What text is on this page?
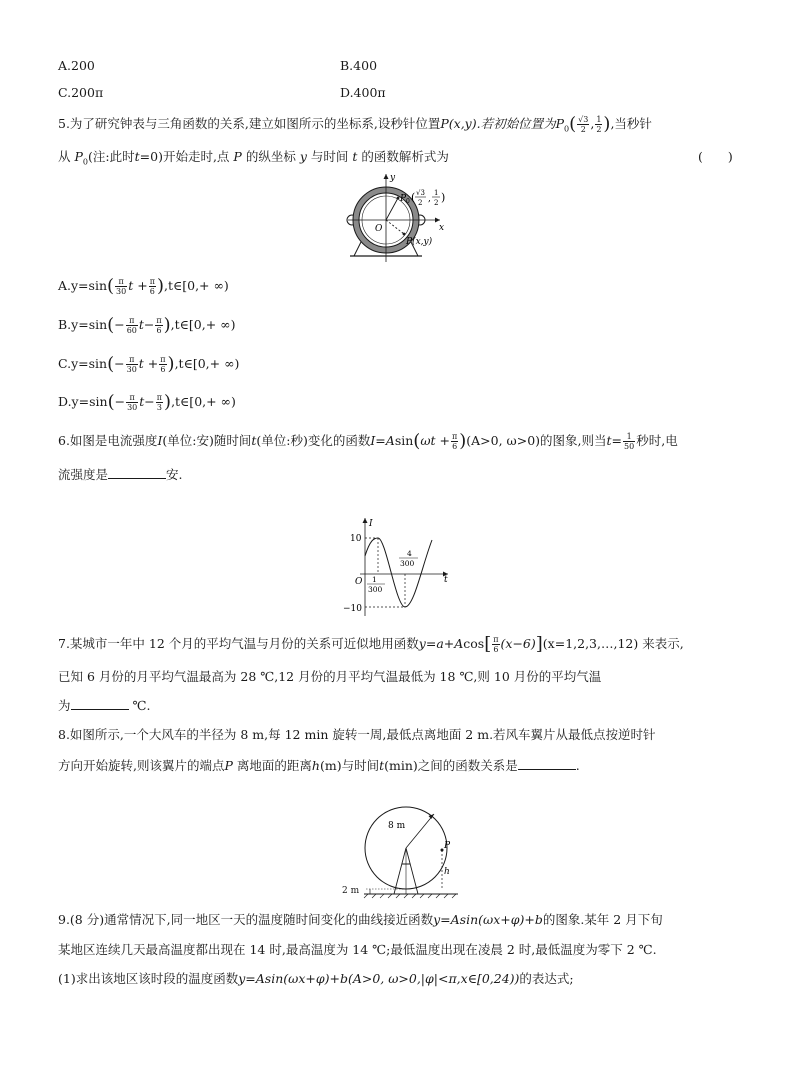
A.200	B.400
C.200π	D.400π
5.为了研究钟表与三角函数的关系,建立如图所示的坐标系,设秒针位置P(x,y).若初始位置为$P_0( \frac{√3}{2}$ , $\frac{1}{2}$ ),当秒针
从 $P_0$(注:此时t=0)开始走时,点 P 的纵坐标 y 与时间 t 的函数解析式为	(　　)
y
x
O
P 0 ( √3
2 ,
1
2 )
P(x,y)
$A.y=\sin( \frac{\pi}{30}$ $t + \frac{\pi}{6}$ ),t∈[0,+ ∞)
$B.y=\sin(- \frac{\pi}{60} t- \frac{\pi}{6}$ ),t∈[0,+ ∞)
$C.y=\sin(- \frac{\pi}{30}$ $t + \frac{\pi}{6}$ ),t∈[0,+ ∞)
$D.y=\sin(- \frac{\pi}{30} t- \frac{\pi}{3}$ ),t∈[0,+ ∞)
6.如图是电流强度I(单位:安)随时间t(单位:秒)变化的函数$I=Asin(\omega t + \frac{\pi}{6} )(A>0$, ω>0)的图象,则当$t= \frac{1}{50}$ 秒时,电
流强度是	安.
I
t
O
10
−10
1
300
4
300
7.某城市一年中 12 个月的平均气温与月份的关系可近似地用函数$y=a+Acos[ \frac{\pi}{6}$ (x−6)](x=1,2,3,…,12) 来表示,
已知 6 月份的月平均气温最高为 28 ℃,12 月份的月平均气温最低为 18 ℃,则 10 月份的平均气温
为	℃.
8.如图所示,一个大风车的半径为 8 m,每 12 min 旋转一周,最低点离地面 2 m.若风车翼片从最低点按逆时针
方向开始旋转,则该翼片的端点P 离地面的距离h(m)与时间t(min)之间的函数关系是	.
8 m
P
h
2 m
9.(8 分)通常情况下,同一地区一天的温度随时间变化的曲线接近函数y=Asin(ωx+φ)+b的图象.某年 2 月下旬
某地区连续几天最高温度都出现在 14 时,最高温度为 14 ℃;最低温度出现在凌晨 2 时,最低温度为零下 2 ℃.
(1)求出该地区该时段的温度函数y=Asin(ωx+φ)+b(A>0, ω>0,|φ|<π,x∈[0,24))的表达式;
